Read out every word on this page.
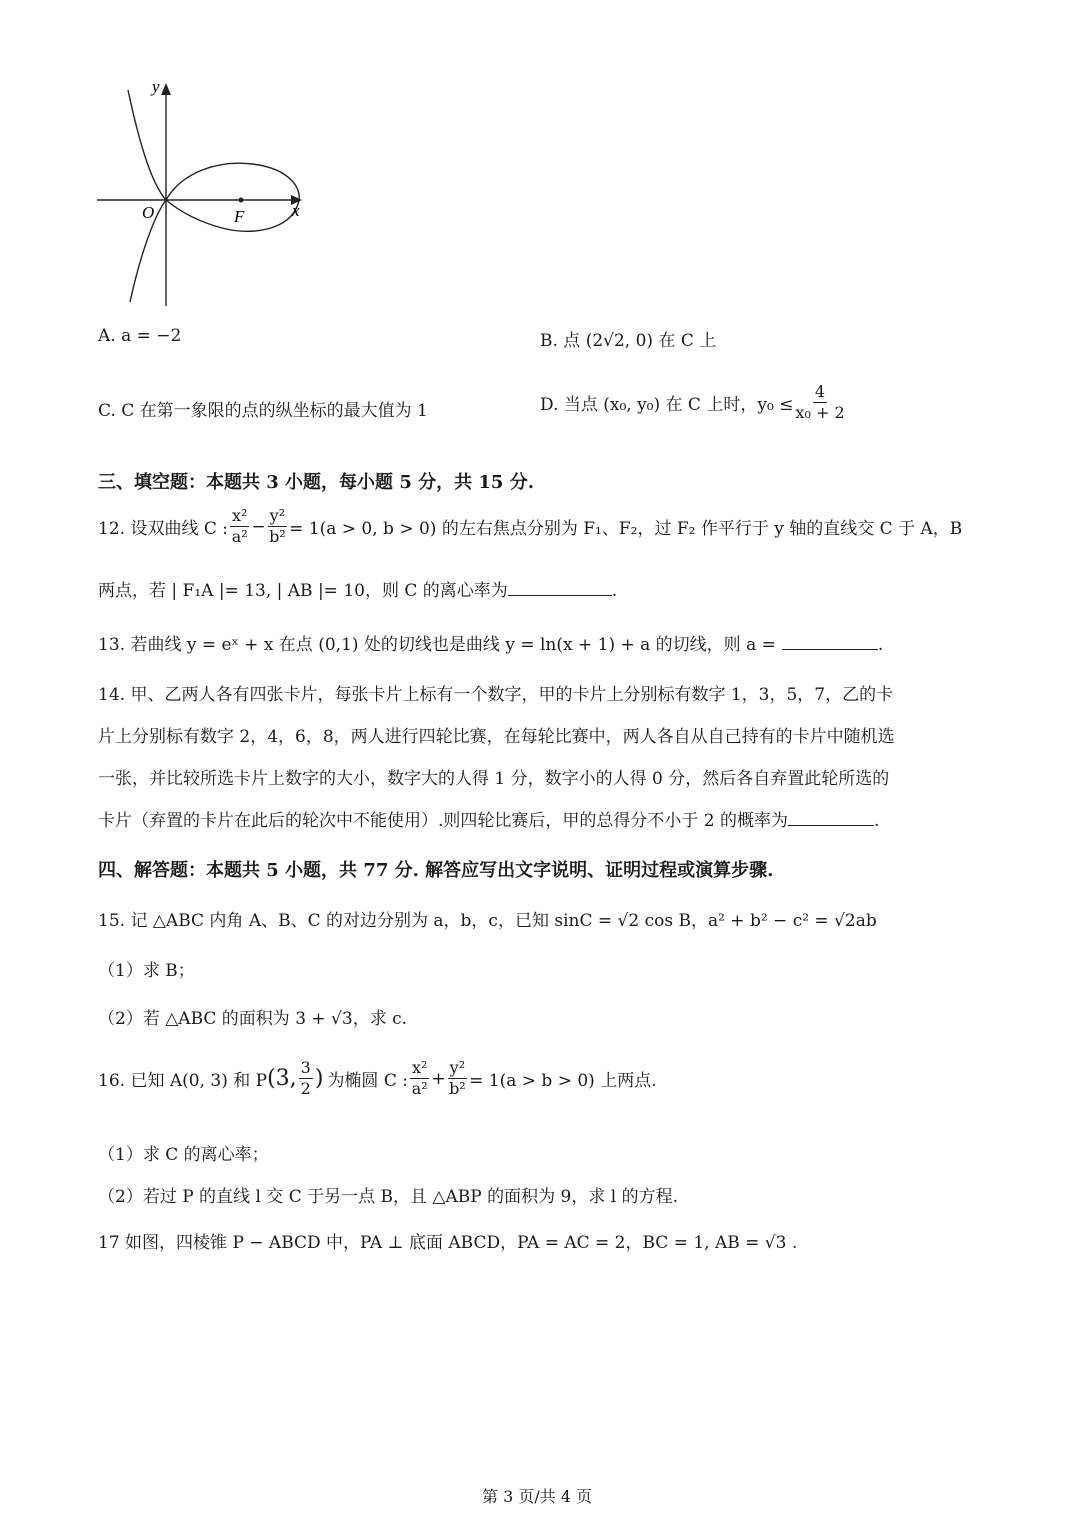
y
x
O	F
A. a = −2	B. 点 (2√2, 0) 在 C 上
C. C 在第一象限的点的纵坐标的最大值为 1	D. 当点 (x₀, y₀) 在 C 上时，$y_0 \le \frac{4}{\text{x₀ + 2}}$
三、填空题：本题共 3 小题，每小题 5 分，共 15 分.
12. 设双曲线 C : $\frac{\text{x²}}{\text{a²}} - \frac{\text{y²}}{\text{b²}} = 1(a > 0$, b > 0) 的左右焦点分别为 F₁、F₂，过 F₂ 作平行于 y 轴的直线交 C 于 A，B
两点，若 | F₁A |= 13, | AB |= 10，则 C 的离心率为	.
13. 若曲线 y = eˣ + x 在点 (0,1) 处的切线也是曲线 y = ln(x + 1) + a 的切线，则 a =	.
14. 甲、乙两人各有四张卡片，每张卡片上标有一个数字，甲的卡片上分别标有数字 1，3，5，7，乙的卡
片上分别标有数字 2，4，6，8，两人进行四轮比赛，在每轮比赛中，两人各自从自己持有的卡片中随机选
一张，并比较所选卡片上数字的大小，数字大的人得 1 分，数字小的人得 0 分，然后各自弃置此轮所选的
卡片（弃置的卡片在此后的轮次中不能使用）.则四轮比赛后，甲的总得分不小于 2 的概率为	.
四、解答题：本题共 5 小题，共 77 分. 解答应写出文字说明、证明过程或演算步骤.
15. 记 △ABC 内角 A、B、C 的对边分别为 a，b，c，已知 sinC = √2 cos B，a² + b² − c² = √2ab
（1）求 B；
（2）若 △ABC 的面积为 3 + √3，求 c.
16. 已知 A(0, 3) 和 P (3, $\frac{3}{2}$ ) 为椭圆 C : $\frac{\text{x²}}{\text{a²}} + \frac{\text{y²}}{\text{b²}} = 1(a > b > 0)$ 上两点.
（1）求 C 的离心率；
（2）若过 P 的直线 l 交 C 于另一点 B，且 △ABP 的面积为 9，求 l 的方程.
17 如图，四棱锥 P − ABCD 中，PA ⊥ 底面 ABCD，PA = AC = 2，BC = 1, AB = √3 .
第 3 页/共 4 页
